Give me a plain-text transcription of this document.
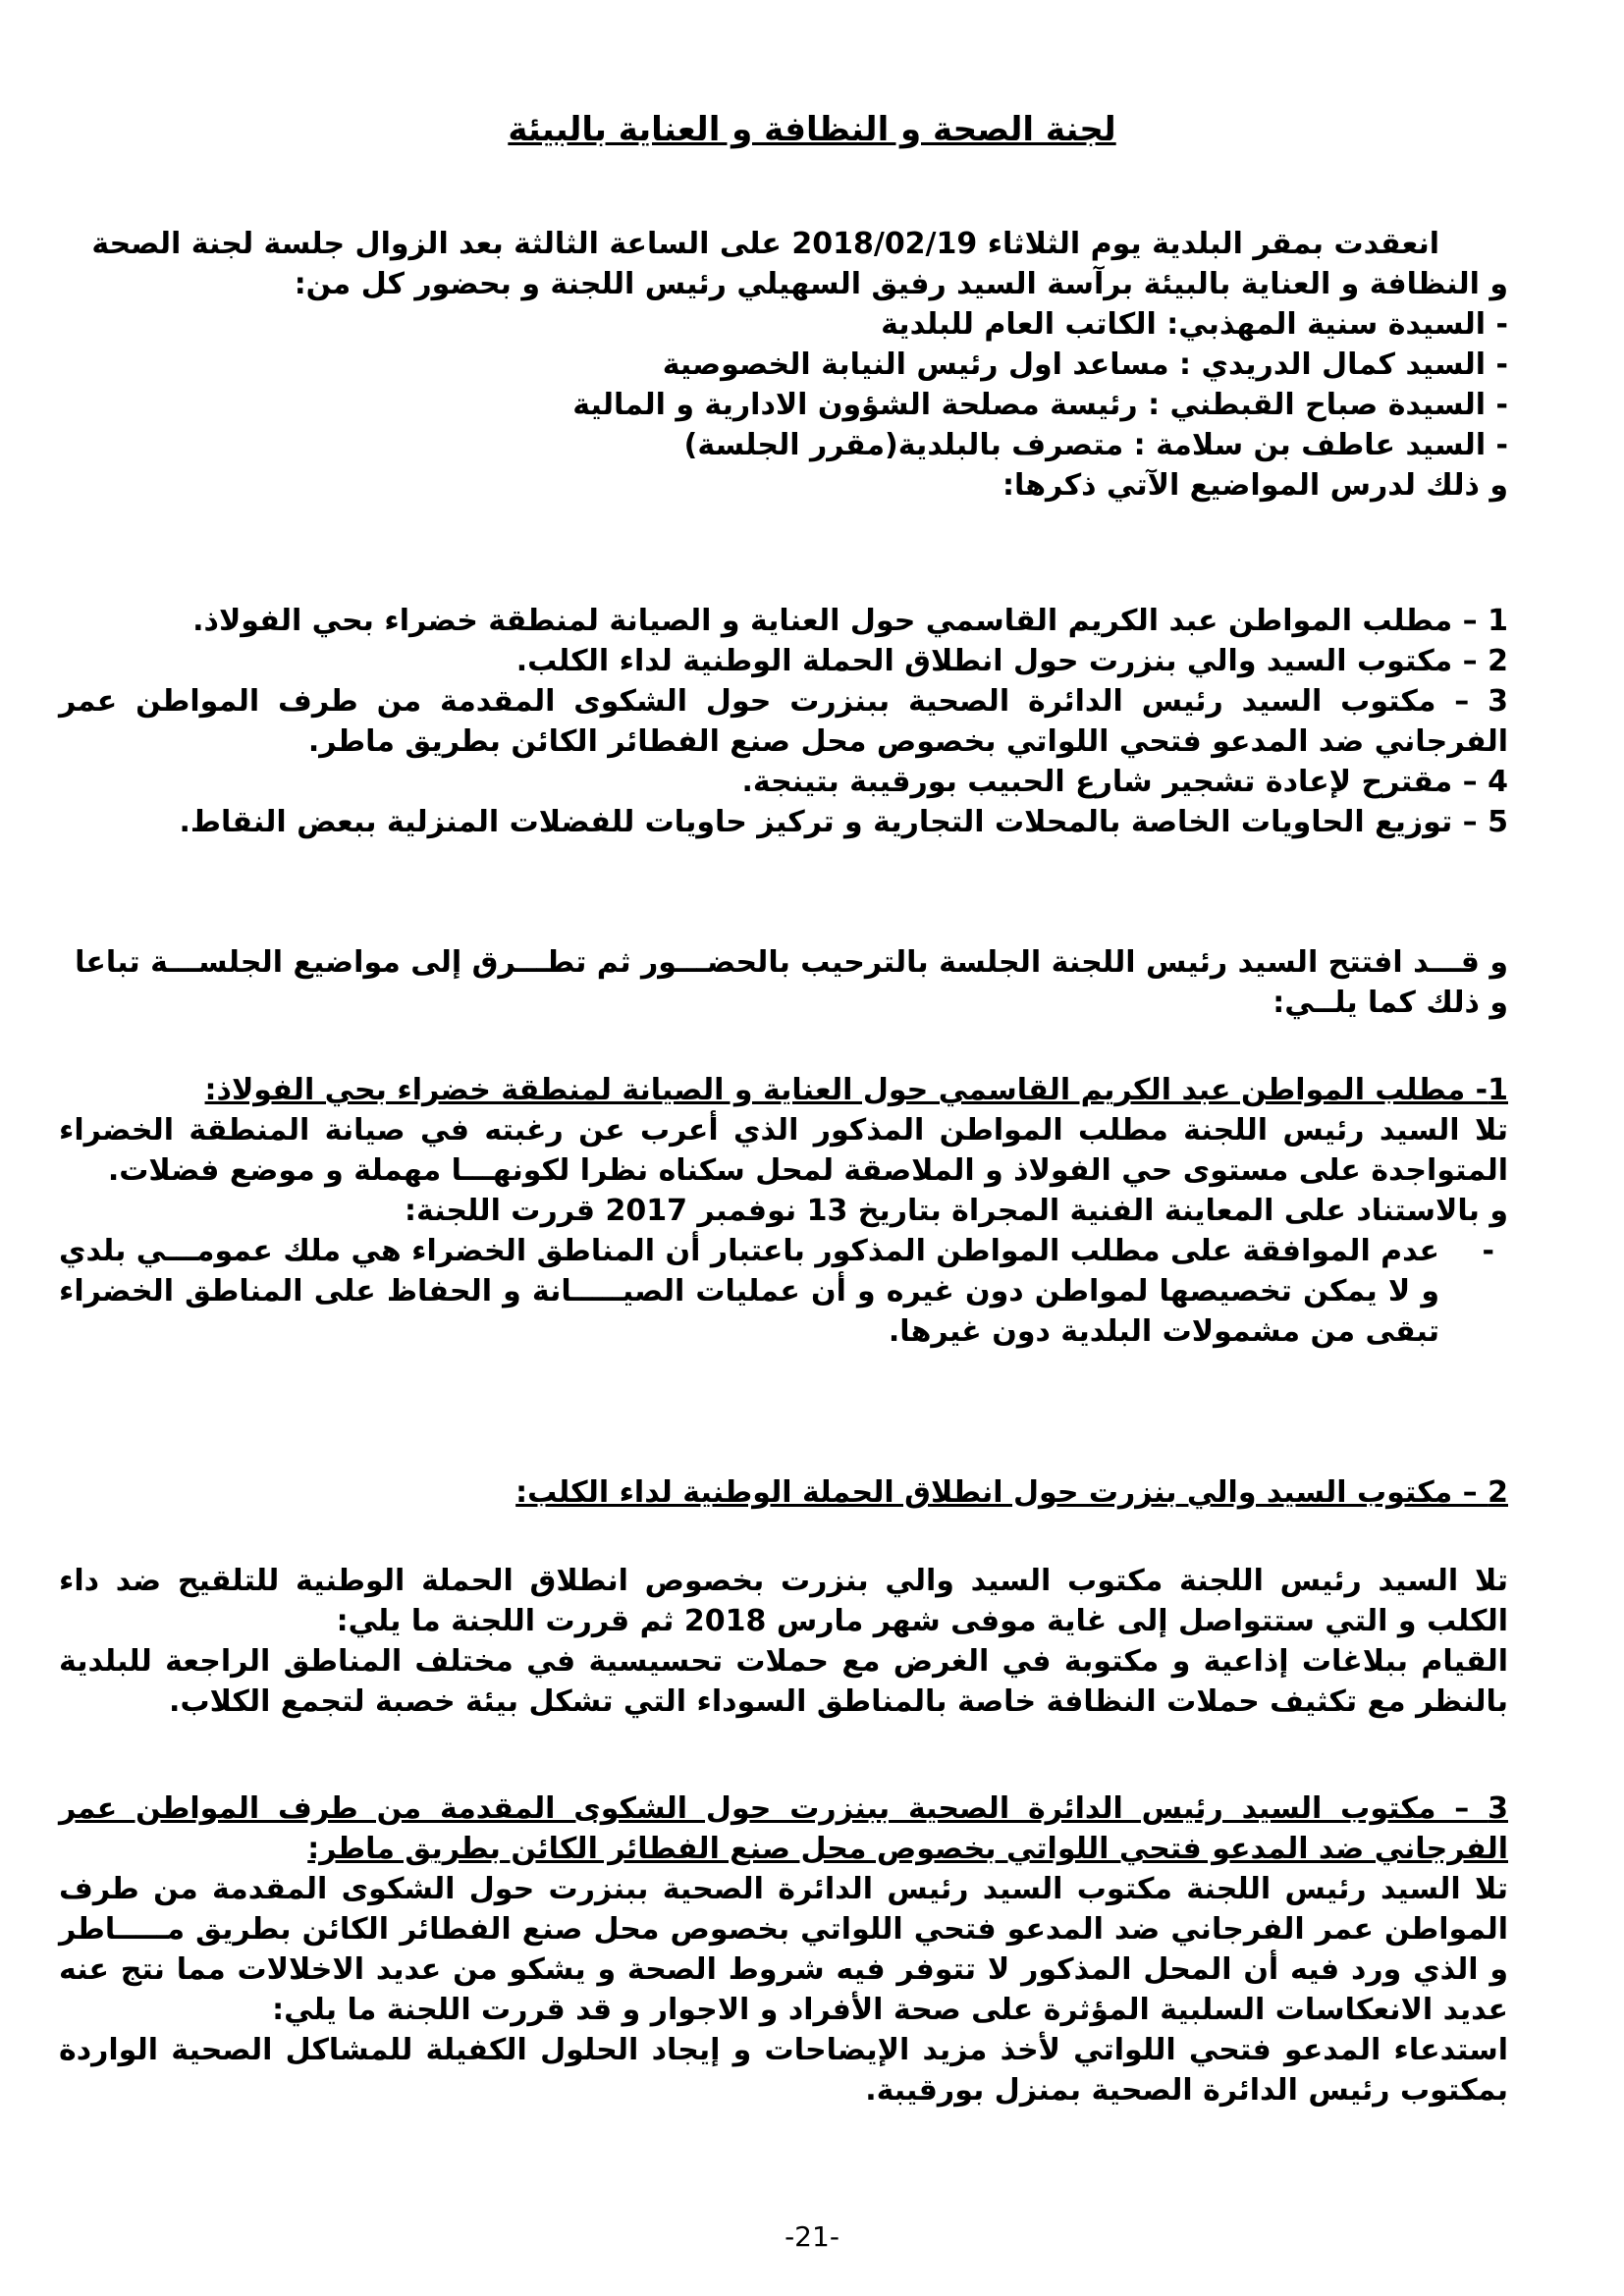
لجنة الصحة و النظافة و العناية بالبيئة

انعقدت بمقر البلدية يوم الثلاثاء 2018/02/19 على الساعة الثالثة بعد الزوال جلسة لجنة الصحة

و النظافة و العناية بالبيئة برآسة السيد رفيق السهيلي رئيس اللجنة و بحضور كل من:

- السيدة سنية المهذبي: الكاتب العام للبلدية

- السيد كمال الدريدي : مساعد اول رئيس النيابة الخصوصية

- السيدة صباح القبطني : رئيسة مصلحة الشؤون الادارية و المالية

- السيد عاطف بن سلامة : متصرف بالبلدية(مقرر الجلسة)

و ذلك لدرس المواضيع الآتي ذكرها:

1 – مطلب المواطن عبد الكريم القاسمي حول العناية و الصيانة لمنطقة خضراء بحي الفولاذ.

2 – مكتوب السيد والي بنزرت حول انطلاق الحملة الوطنية لداء الكلب.

3 – مكتوب السيد رئيس الدائرة الصحية ببنزرت حول الشكوى المقدمة من طرف المواطن عمر الفرجاني ضد المدعو فتحي اللواتي بخصوص محل صنع الفطائر الكائن بطريق ماطر.

4 – مقترح لإعادة تشجير شارع الحبيب بورقيبة بتينجة.

5 – توزيع الحاويات الخاصة بالمحلات التجارية و تركيز حاويات للفضلات المنزلية ببعض النقاط.

و قـــد افتتح السيد رئيس اللجنة الجلسة بالترحيب بالحضـــور ثم تطـــرق إلى مواضيع الجلســـة تباعا

و ذلك كما يلــي:

1- مطلب المواطن عبد الكريم القاسمي حول العناية و الصيانة لمنطقة خضراء بحي الفولاذ:

تلا السيد رئيس اللجنة مطلب المواطن المذكور الذي أعرب عن رغبته في صيانة المنطقة الخضراء المتواجدة على مستوى حي الفولاذ و الملاصقة لمحل سكناه نظرا لكونهـــا مهملة و موضع فضلات.

و بالاستناد على المعاينة الفنية المجراة بتاريخ 13 نوفمبر 2017 قررت اللجنة:

-
عدم الموافقة على مطلب المواطن المذكور باعتبار أن المناطق الخضراء هي ملك عمومـــي بلدي و لا يمكن تخصيصها لمواطن دون غيره و أن عمليات الصيـــــانة و الحفاظ على المناطق الخضراء تبقى من مشمولات البلدية دون غيرها.

2 – مكتوب السيد والي بنزرت حول انطلاق الحملة الوطنية لداء الكلب:

تلا السيد رئيس اللجنة مكتوب السيد والي بنزرت بخصوص انطلاق الحملة الوطنية للتلقيح ضد داء الكلب و التي ستتواصل إلى غاية موفى شهر مارس 2018 ثم قررت اللجنة ما يلي:

القيام ببلاغات إذاعية و مكتوبة في الغرض مع حملات تحسيسية في مختلف المناطق الراجعة للبلدية بالنظر مع تكثيف حملات النظافة خاصة بالمناطق السوداء التي تشكل بيئة خصبة لتجمع الكلاب.

3 – مكتوب السيد رئيس الدائرة الصحية ببنزرت حول الشكوى المقدمة من طرف المواطن عمر الفرجاني ضد المدعو فتحي اللواتي بخصوص محل صنع الفطائر الكائن بطريق ماطر:

تلا السيد رئيس اللجنة مكتوب السيد رئيس الدائرة الصحية ببنزرت حول الشكوى المقدمة من طرف المواطن عمر الفرجاني ضد المدعو فتحي اللواتي بخصوص محل صنع الفطائر الكائن بطريق مـــــاطر و الذي ورد فيه أن المحل المذكور لا تتوفر فيه شروط الصحة و يشكو من عديد الاخلالات مما نتج عنه عديد الانعكاسات السلبية المؤثرة على صحة الأفراد و الاجوار و قد قررت اللجنة ما يلي:

استدعاء المدعو فتحي اللواتي لأخذ مزيد الإيضاحات و إيجاد الحلول الكفيلة للمشاكل الصحية الواردة بمكتوب رئيس الدائرة الصحية بمنزل بورقيبة.

-21-
